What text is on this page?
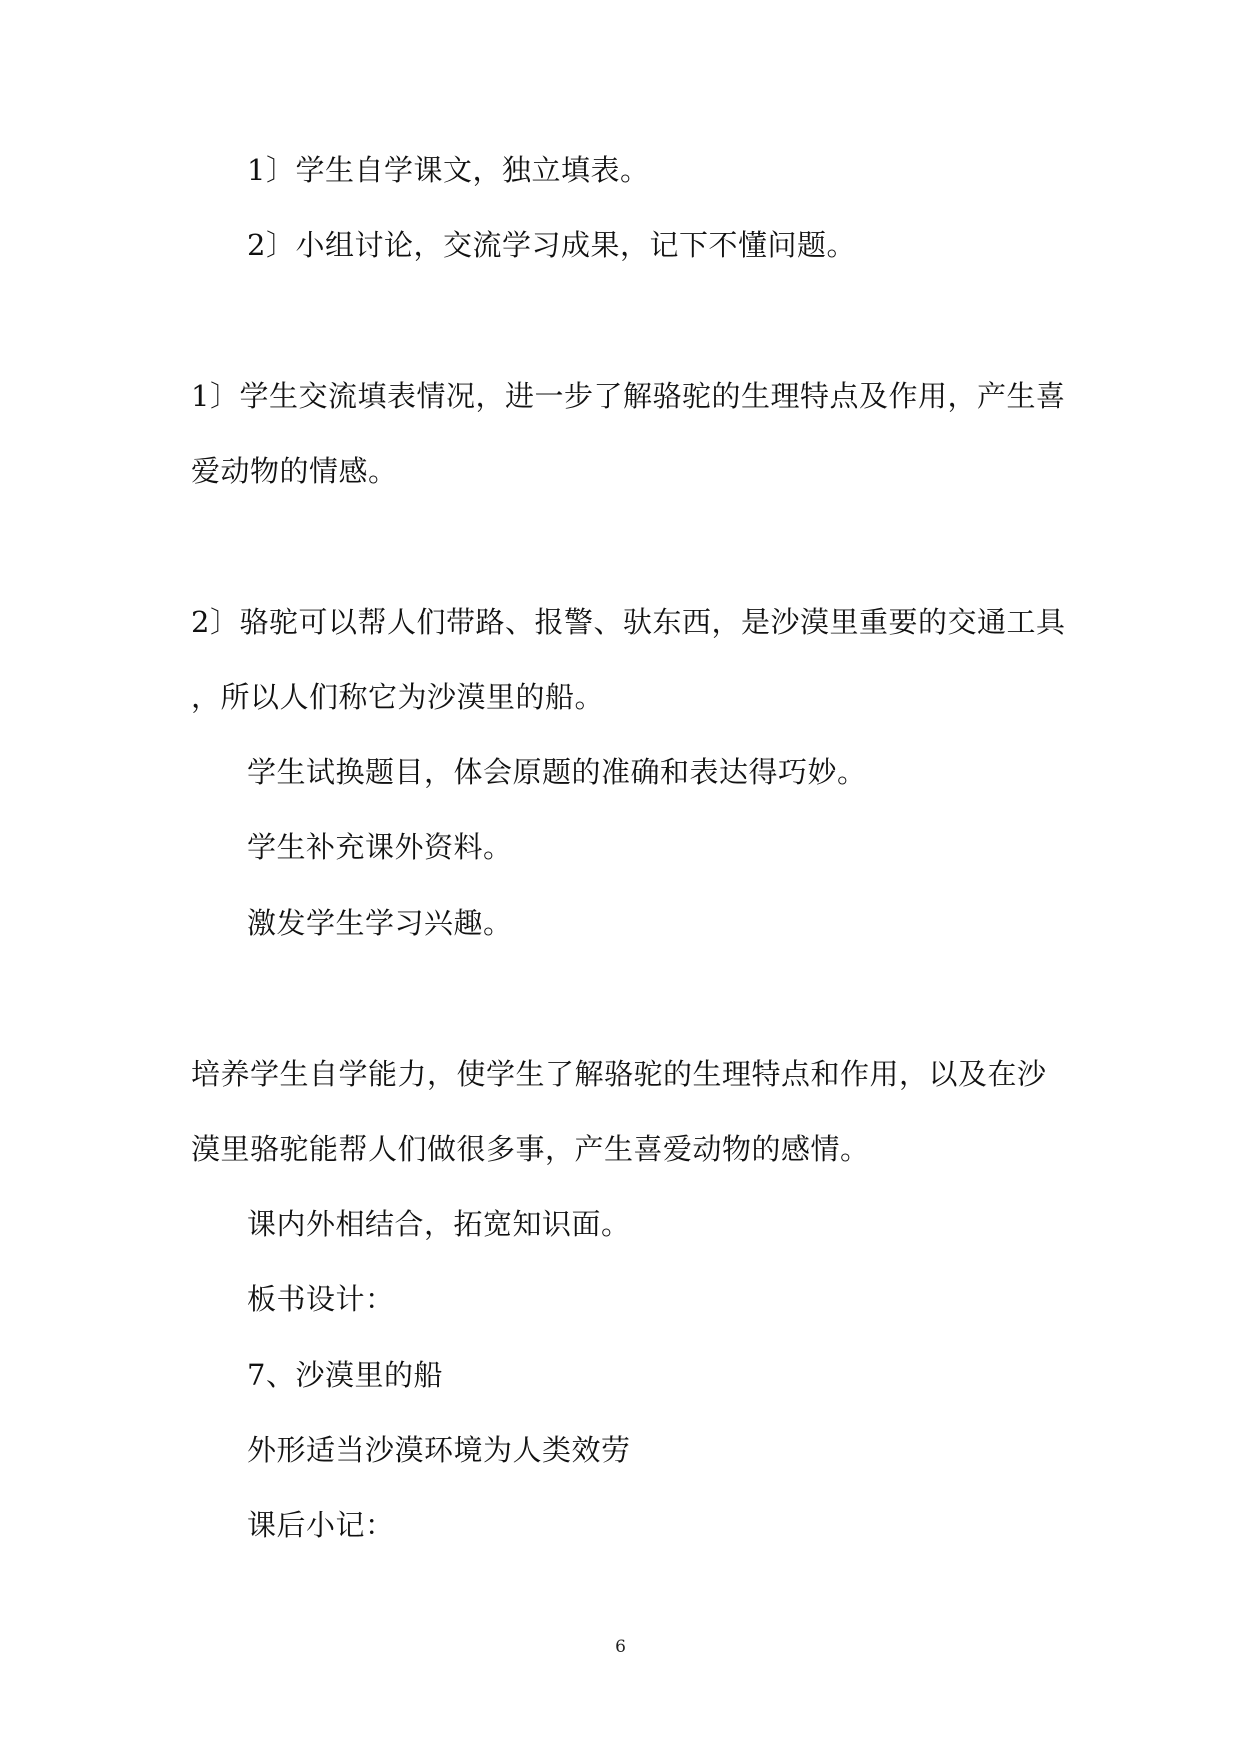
1〕学生自学课文，独立填表。
2〕小组讨论，交流学习成果，记下不懂问题。
1〕学生交流填表情况，进一步了解骆驼的生理特点及作用，产生喜
爱动物的情感。
2〕骆驼可以帮人们带路、报警、驮东西，是沙漠里重要的交通工具
，所以人们称它为沙漠里的船。
学生试换题目，体会原题的准确和表达得巧妙。
学生补充课外资料。
激发学生学习兴趣。
培养学生自学能力，使学生了解骆驼的生理特点和作用，以及在沙
漠里骆驼能帮人们做很多事，产生喜爱动物的感情。
课内外相结合，拓宽知识面。
板书设计：
7、沙漠里的船
外形适当沙漠环境为人类效劳
课后小记：
6
